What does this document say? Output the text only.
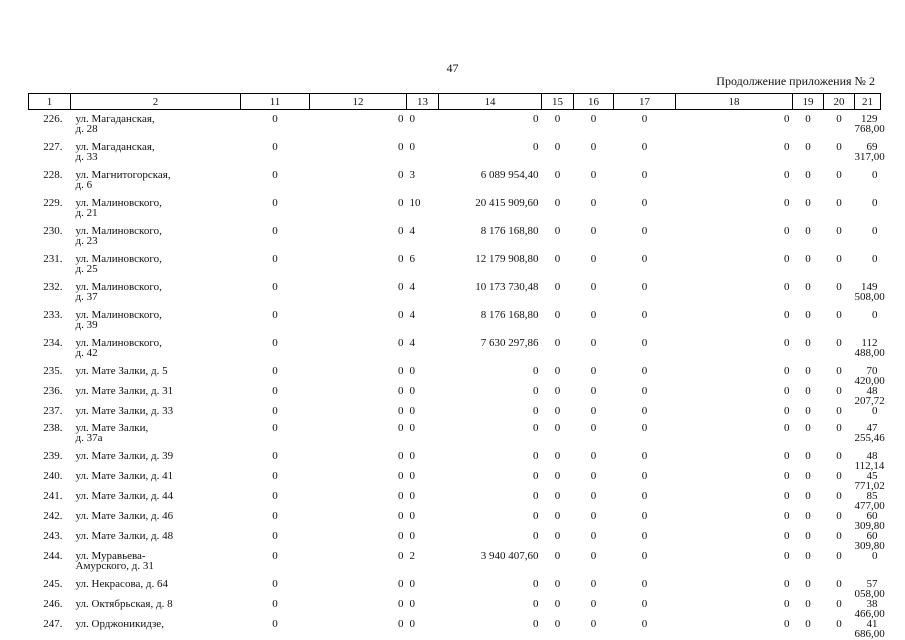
47
Продолжение приложения № 2
1	2	11	12	13	14	15	16	17	18	19	20	21
226.	ул. Магаданская,
д. 28	0	0	0	0	0	0	0	0	0	0	129 768,00
227.	ул. Магаданская,
д. 33	0	0	0	0	0	0	0	0	0	0	69 317,00
228.	ул. Магнитогорская,
д. 6	0	0	3	6 089 954,40	0	0	0	0	0	0	0
229.	ул. Малиновского,
д. 21	0	0	10	20 415 909,60	0	0	0	0	0	0	0
230.	ул. Малиновского,
д. 23	0	0	4	8 176 168,80	0	0	0	0	0	0	0
231.	ул. Малиновского,
д. 25	0	0	6	12 179 908,80	0	0	0	0	0	0	0
232.	ул. Малиновского,
д. 37	0	0	4	10 173 730,48	0	0	0	0	0	0	149 508,00
233.	ул. Малиновского,
д. 39	0	0	4	8 176 168,80	0	0	0	0	0	0	0
234.	ул. Малиновского,
д. 42	0	0	4	7 630 297,86	0	0	0	0	0	0	112 488,00
235.	ул. Мате Залки, д. 5	0	0	0	0	0	0	0	0	0	0	70 420,00
236.	ул. Мате Залки, д. 31	0	0	0	0	0	0	0	0	0	0	48 207,72
237.	ул. Мате Залки, д. 33	0	0	0	0	0	0	0	0	0	0	0
238.	ул. Мате Залки,
д. 37а	0	0	0	0	0	0	0	0	0	0	47 255,46
239.	ул. Мате Залки, д. 39	0	0	0	0	0	0	0	0	0	0	48 112,14
240.	ул. Мате Залки, д. 41	0	0	0	0	0	0	0	0	0	0	45 771,02
241.	ул. Мате Залки, д. 44	0	0	0	0	0	0	0	0	0	0	85 477,00
242.	ул. Мате Залки, д. 46	0	0	0	0	0	0	0	0	0	0	60 309,80
243.	ул. Мате Залки, д. 48	0	0	0	0	0	0	0	0	0	0	60 309,80
244.	ул. Муравьева-
Амурского, д. 31	0	0	2	3 940 407,60	0	0	0	0	0	0	0
245.	ул. Некрасова, д. 64	0	0	0	0	0	0	0	0	0	0	57 058,00
246.	ул. Октябрьская, д. 8	0	0	0	0	0	0	0	0	0	0	38 466,00
247.	ул. Орджоникидзе,	0	0	0	0	0	0	0	0	0	0	41 686,00
